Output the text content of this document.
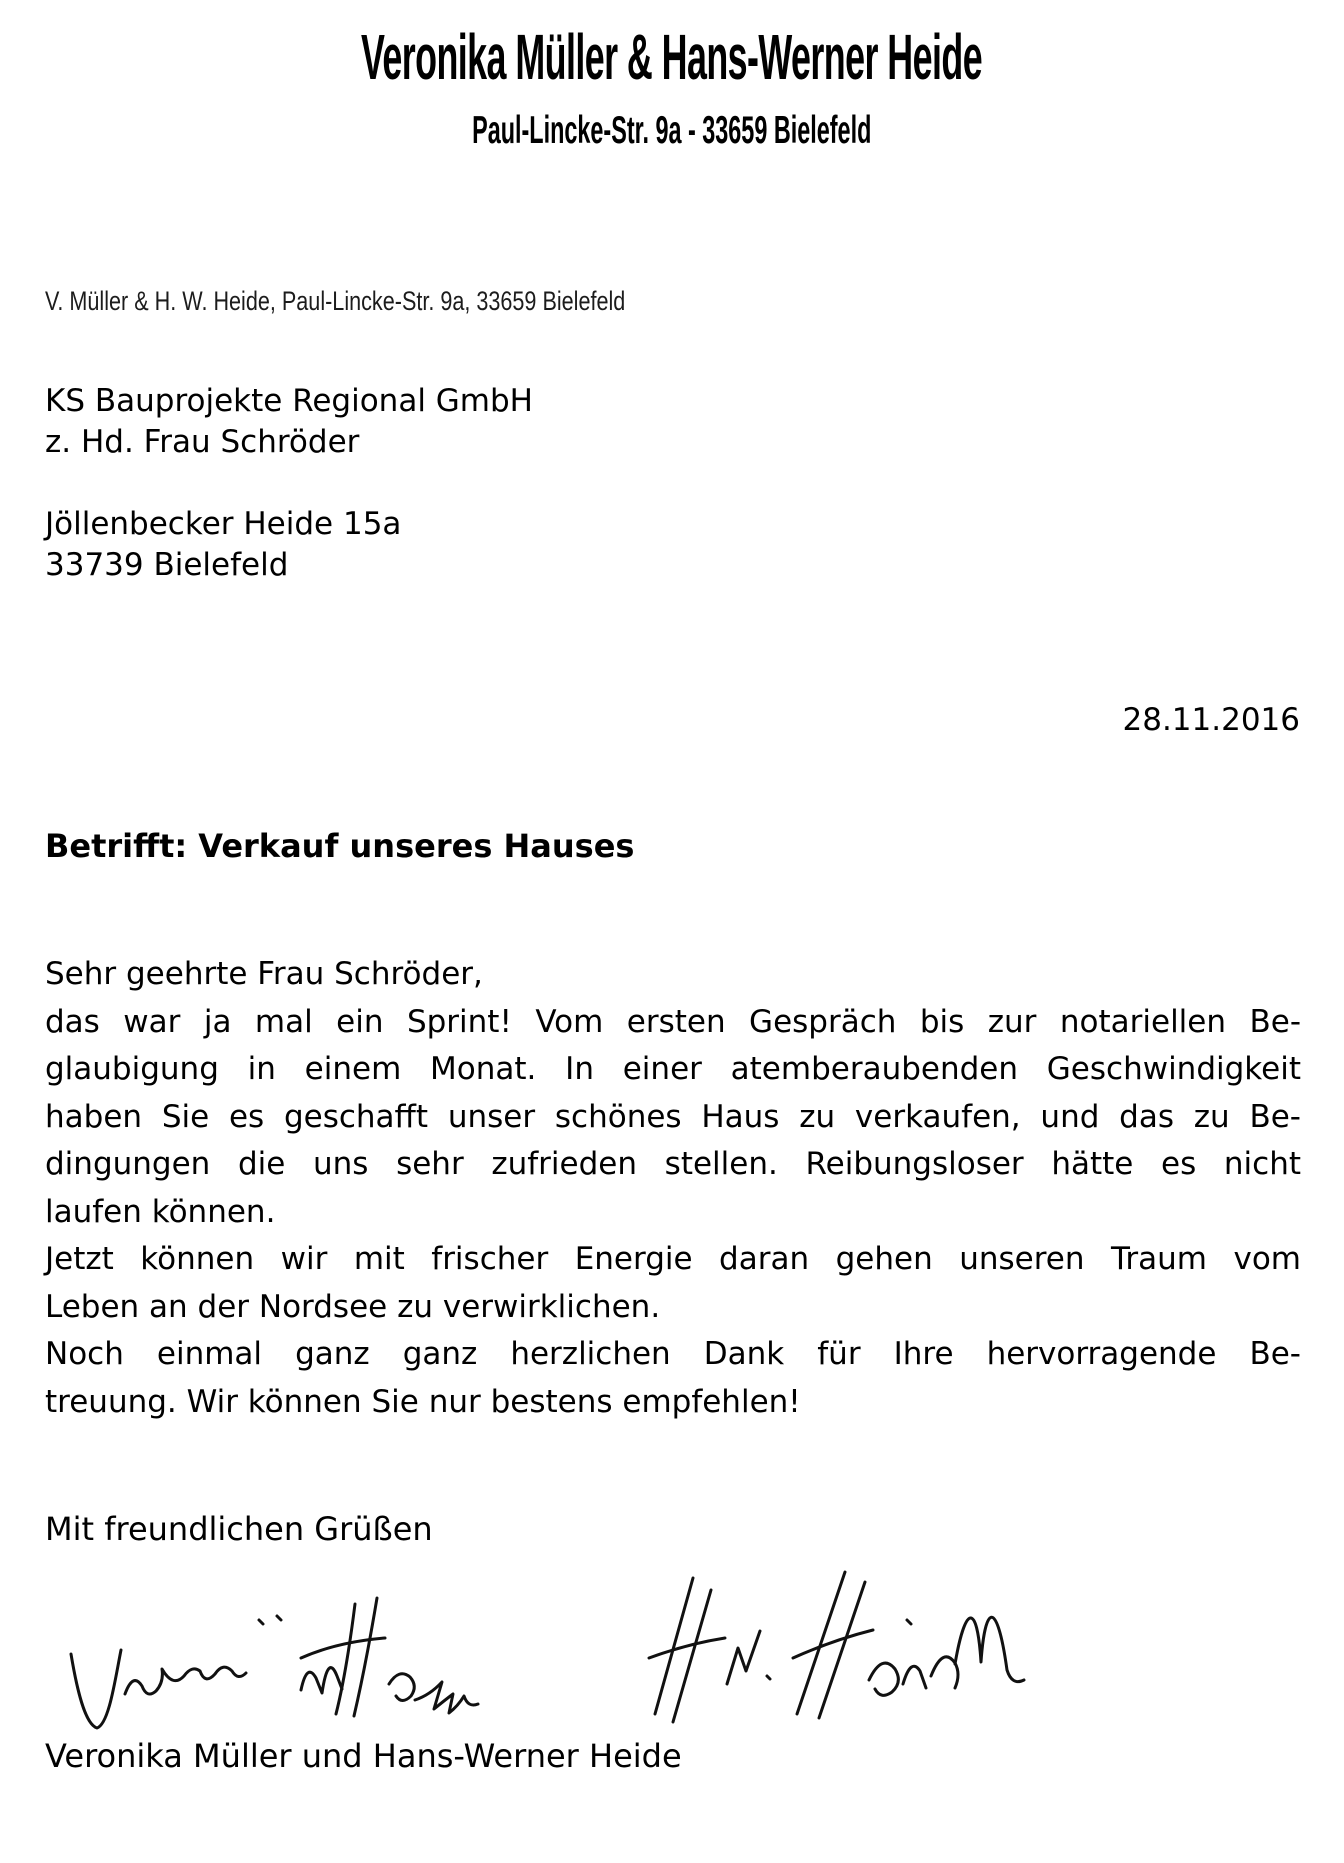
Veronika Müller & Hans-Werner Heide
Paul-Lincke-Str. 9a - 33659 Bielefeld
V. Müller & H. W. Heide, Paul-Lincke-Str. 9a, 33659 Bielefeld
KS Bauprojekte Regional GmbH
z. Hd. Frau Schröder
Jöllenbecker Heide 15a
33739 Bielefeld
28.11.2016
Betrifft: Verkauf unseres Hauses
Sehr geehrte Frau Schröder,
das war ja mal ein Sprint! Vom ersten Gespräch bis zur notariellen Be-
glaubigung in einem Monat. In einer atemberaubenden Geschwindigkeit
haben Sie es geschafft unser schönes Haus zu verkaufen, und das zu Be-
dingungen die uns sehr zufrieden stellen. Reibungsloser hätte es nicht
laufen können.
Jetzt können wir mit frischer Energie daran gehen unseren Traum vom
Leben an der Nordsee zu verwirklichen.
Noch einmal ganz ganz herzlichen Dank für Ihre hervorragende Be-
treuung. Wir können Sie nur bestens empfehlen!
Mit freundlichen Grüßen
Veronika Müller und Hans-Werner Heide
